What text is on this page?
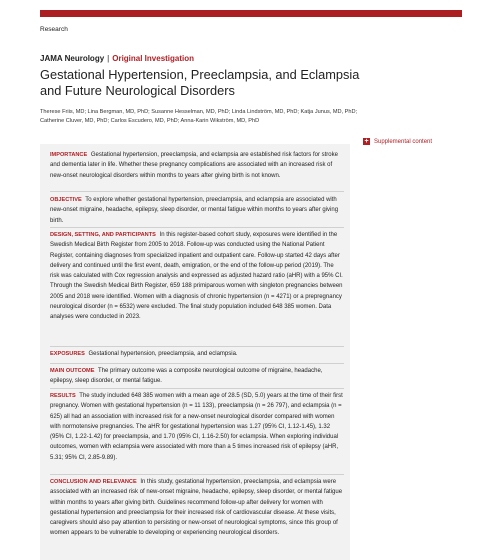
Research
JAMA Neurology | Original Investigation
Gestational Hypertension, Preeclampsia, and Eclampsia and Future Neurological Disorders
Therese Friis, MD; Lina Bergman, MD, PhD; Susanne Hesselman, MD, PhD; Linda Lindström, MD, PhD; Katja Junus, MD, PhD; Catherine Cluver, MD, PhD; Carlos Escudero, MD, PhD; Anna-Karin Wikström, MD, PhD
+ Supplemental content
IMPORTANCE Gestational hypertension, preeclampsia, and eclampsia are established risk factors for stroke and dementia later in life. Whether these pregnancy complications are associated with an increased risk of new-onset neurological disorders within months to years after giving birth is not known.
OBJECTIVE To explore whether gestational hypertension, preeclampsia, and eclampsia are associated with new-onset migraine, headache, epilepsy, sleep disorder, or mental fatigue within months to years after giving birth.
DESIGN, SETTING, AND PARTICIPANTS In this register-based cohort study, exposures were identified in the Swedish Medical Birth Register from 2005 to 2018. Follow-up was conducted using the National Patient Register, containing diagnoses from specialized inpatient and outpatient care. Follow-up started 42 days after delivery and continued until the first event, death, emigration, or the end of the follow-up period (2019). The risk was calculated with Cox regression analysis and expressed as adjusted hazard ratio (aHR) with a 95% CI. Through the Swedish Medical Birth Register, 659 188 primiparous women with singleton pregnancies between 2005 and 2018 were identified. Women with a diagnosis of chronic hypertension (n = 4271) or a prepregnancy neurological disorder (n = 6532) were excluded. The final study population included 648 385 women. Data analyses were conducted in 2023.
EXPOSURES Gestational hypertension, preeclampsia, and eclampsia.
MAIN OUTCOME The primary outcome was a composite neurological outcome of migraine, headache, epilepsy, sleep disorder, or mental fatigue.
RESULTS The study included 648 385 women with a mean age of 28.5 (SD, 5.0) years at the time of their first pregnancy. Women with gestational hypertension (n = 11 133), preeclampsia (n = 26 797), and eclampsia (n = 625) all had an association with increased risk for a new-onset neurological disorder compared with women with normotensive pregnancies. The aHR for gestational hypertension was 1.27 (95% CI, 1.12-1.45), 1.32 (95% CI, 1.22-1.42) for preeclampsia, and 1.70 (95% CI, 1.16-2.50) for eclampsia. When exploring individual outcomes, women with eclampsia were associated with more than a 5 times increased risk of epilepsy (aHR, 5.31; 95% CI, 2.85-9.89).
CONCLUSION AND RELEVANCE In this study, gestational hypertension, preeclampsia, and eclampsia were associated with an increased risk of new-onset migraine, headache, epilepsy, sleep disorder, or mental fatigue within months to years after giving birth. Guidelines recommend follow-up after delivery for women with gestational hypertension and preeclampsia for their increased risk of cardiovascular disease. At these visits, caregivers should also pay attention to persisting or new-onset of neurological symptoms, since this group of women appears to be vulnerable to developing or experiencing neurological disorders.
